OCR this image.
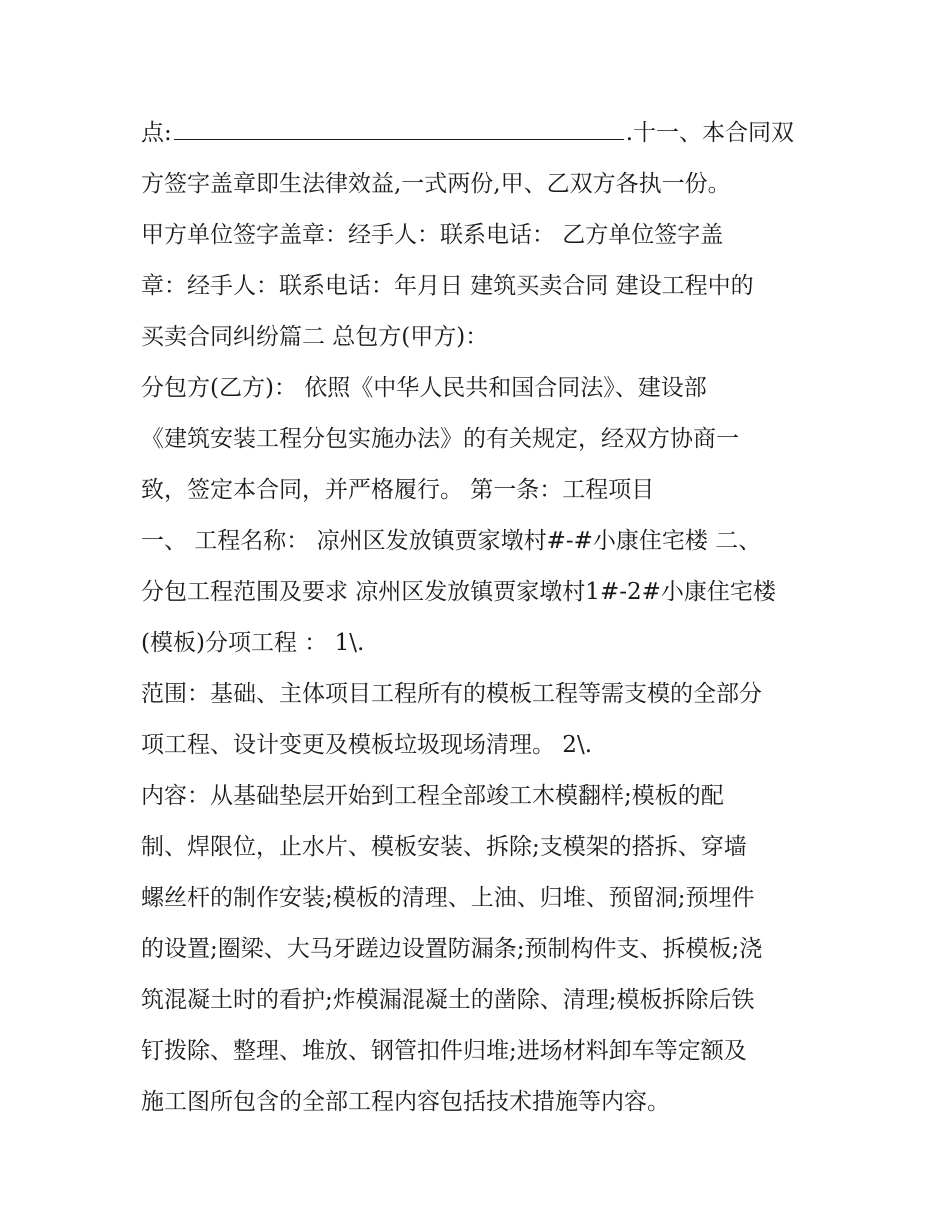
点:	.十一、本合同双
方签字盖章即生法律效益,一式两份,甲、乙双方各执一份。
甲方单位签字盖章：经手人：联系电话： 乙方单位签字盖
章：经手人：联系电话：年月日 建筑买卖合同 建设工程中的
买卖合同纠纷篇二 总包方(甲方)：
分包方(乙方)： 依照《中华人民共和国合同法》、建设部
《建筑安装工程分包实施办法》的有关规定，经双方协商一
致，签定本合同，并严格履行。 第一条：工程项目
一、 工程名称： 凉州区发放镇贾家墩村#-#小康住宅楼 二、
分包工程范围及要求 凉州区发放镇贾家墩村1#-2#小康住宅楼
(模板)分项工程 ： 1\.
范围：基础、主体项目工程所有的模板工程等需支模的全部分
项工程、设计变更及模板垃圾现场清理。 2\.
内容：从基础垫层开始到工程全部竣工木模翻样;模板的配
制、焊限位，止水片、模板安装、拆除;支模架的搭拆、穿墙
螺丝杆的制作安装;模板的清理、上油、归堆、预留洞;预埋件
的设置;圈梁、大马牙蹉边设置防漏条;预制构件支、拆模板;浇
筑混凝土时的看护;炸模漏混凝土的凿除、清理;模板拆除后铁
钉拨除、整理、堆放、钢管扣件归堆;进场材料卸车等定额及
施工图所包含的全部工程内容包括技术措施等内容。
